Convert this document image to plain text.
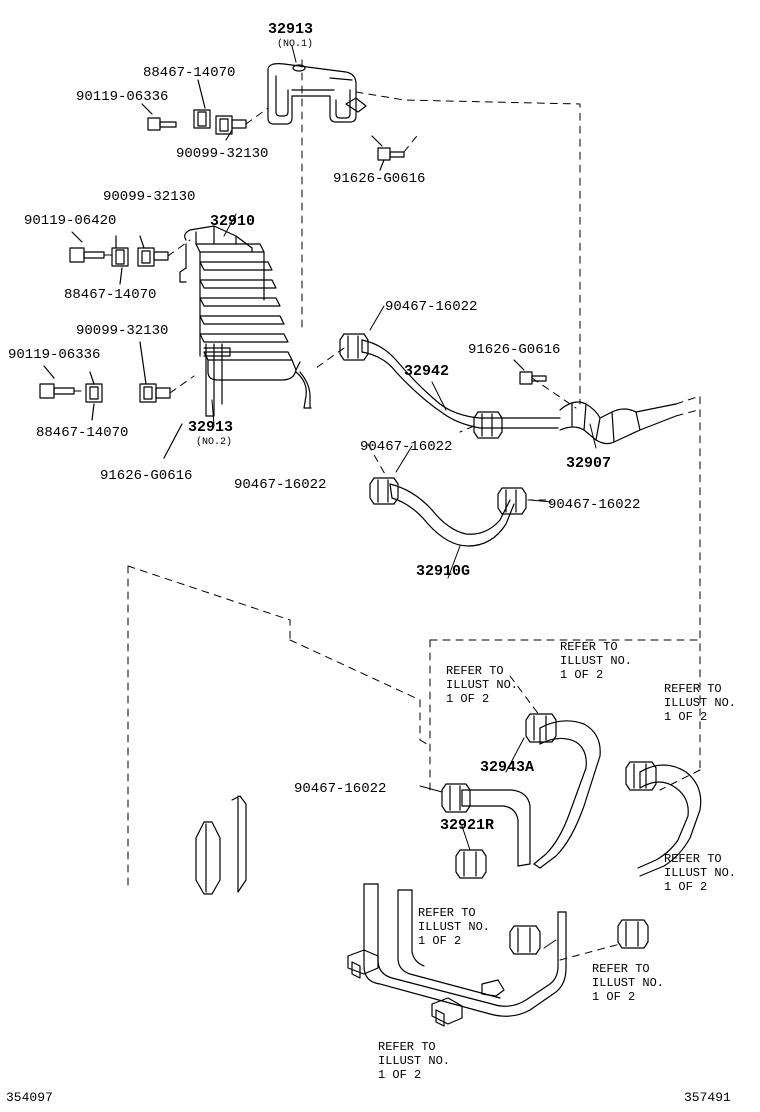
32913
(NO.1)
88467-14070
90119-06336
90099-32130
91626-G0616
90099-32130
90119-06420	32910
88467-14070
90467-16022
90099-32130
91626-G0616
90119-06336
32942
88467-14070	32913
(NO.2)	90467-16022
32907
91626-G0616
90467-16022
90467-16022
32910G
REFER TO
ILLUST NO.
1 OF 2
REFER TO
ILLUST NO.
1 OF 2
REFER TO
ILLUST NO.
1 OF 2
32943A
90467-16022
32921R
REFER TO
ILLUST NO.
1 OF 2
REFER TO
ILLUST NO.
1 OF 2
REFER TO
ILLUST NO.
1 OF 2
REFER TO
ILLUST NO.
1 OF 2
354097	357491
